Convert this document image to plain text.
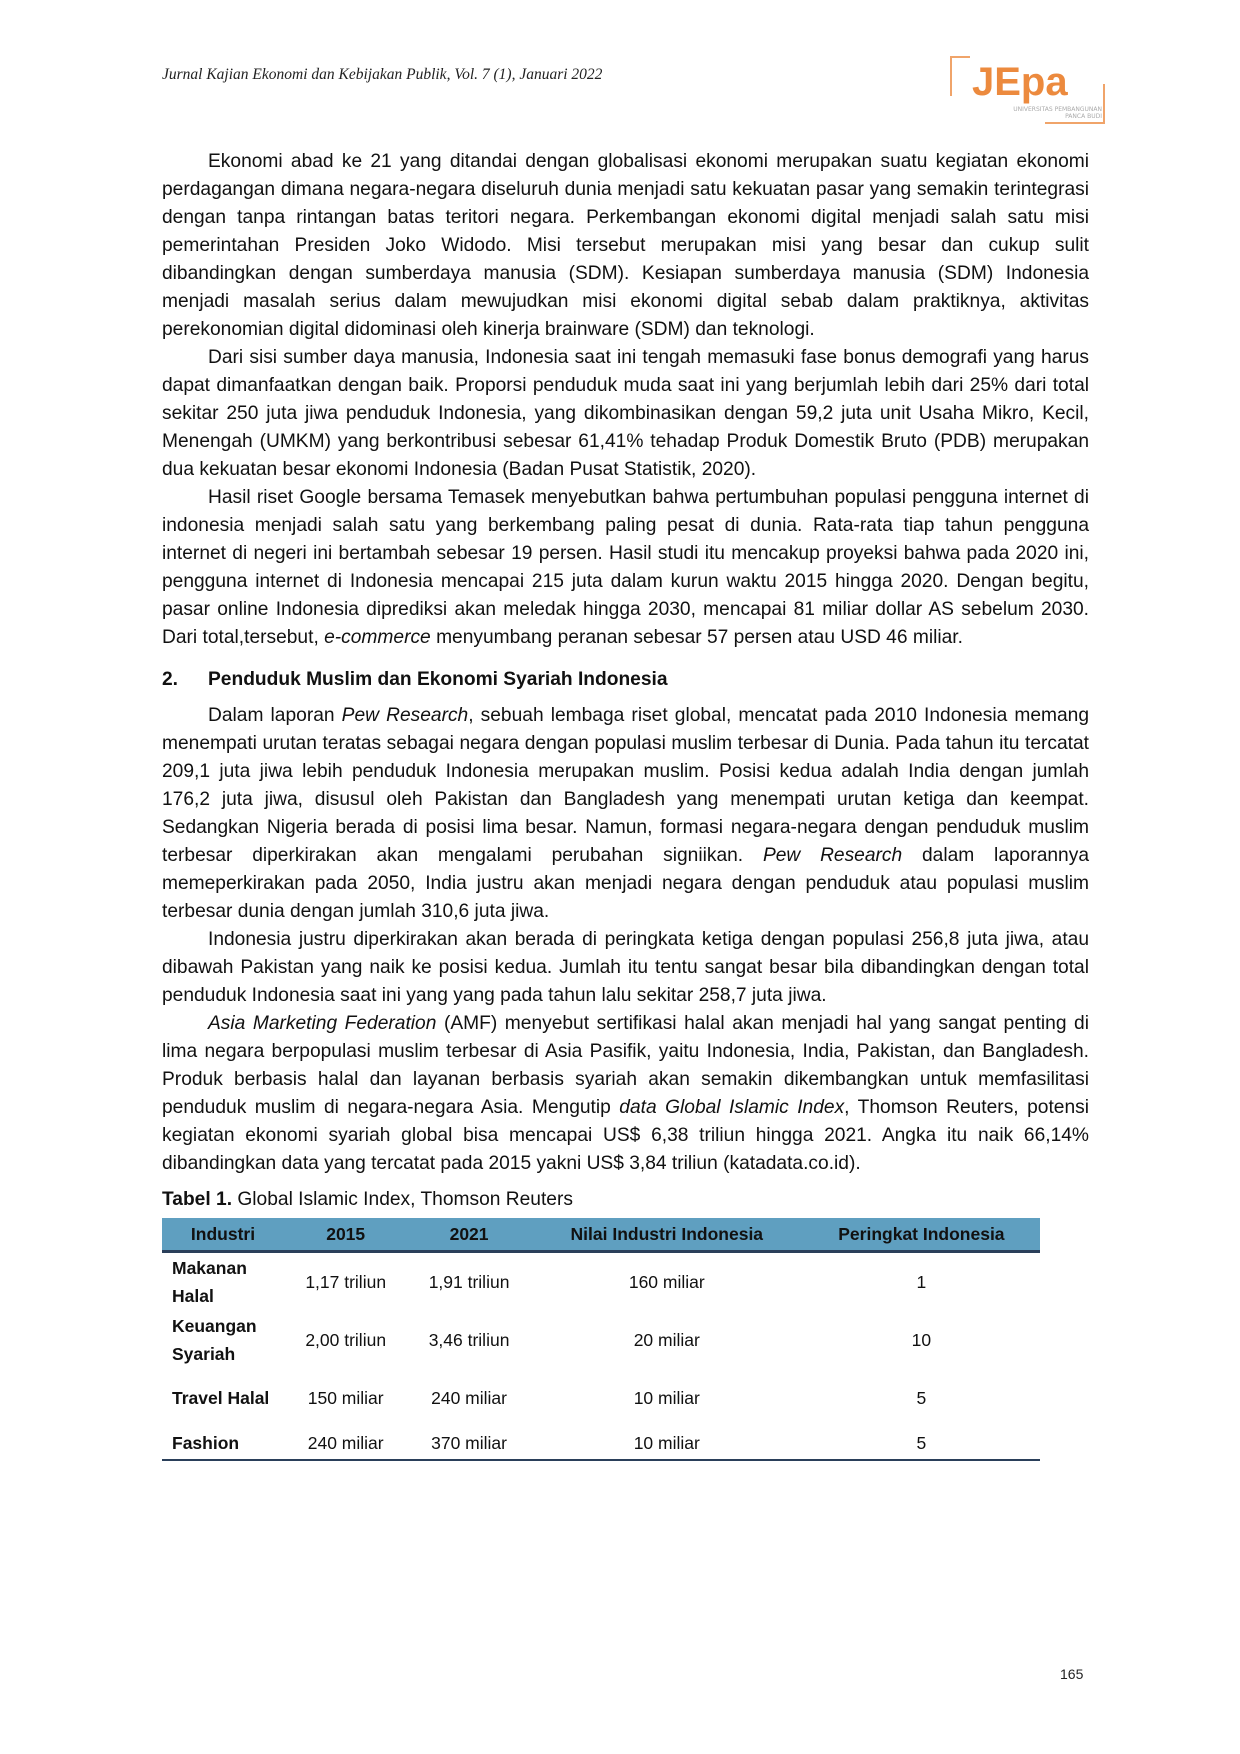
Jurnal Kajian Ekonomi dan Kebijakan Publik, Vol. 7 (1), Januari 2022	JEpa
UNIVERSITAS PEMBANGUNAN PANCA BUDI

Ekonomi abad ke 21 yang ditandai dengan globalisasi ekonomi merupakan suatu kegiatan ekonomi perdagangan dimana negara-negara diseluruh dunia menjadi satu kekuatan pasar yang semakin terintegrasi dengan tanpa rintangan batas teritori negara. Perkembangan ekonomi digital menjadi salah satu misi pemerintahan Presiden Joko Widodo. Misi tersebut merupakan misi yang besar dan cukup sulit dibandingkan dengan sumberdaya manusia (SDM). Kesiapan sumberdaya manusia (SDM) Indonesia menjadi masalah serius dalam mewujudkan misi ekonomi digital sebab dalam praktiknya, aktivitas perekonomian digital didominasi oleh kinerja brainware (SDM) dan teknologi.

Dari sisi sumber daya manusia, Indonesia saat ini tengah memasuki fase bonus demografi yang harus dapat dimanfaatkan dengan baik. Proporsi penduduk muda saat ini yang berjumlah lebih dari 25% dari total sekitar 250 juta jiwa penduduk Indonesia, yang dikombinasikan dengan 59,2 juta unit Usaha Mikro, Kecil, Menengah (UMKM) yang berkontribusi sebesar 61,41% tehadap Produk Domestik Bruto (PDB) merupakan dua kekuatan besar ekonomi Indonesia (Badan Pusat Statistik, 2020).

Hasil riset Google bersama Temasek menyebutkan bahwa pertumbuhan populasi pengguna internet di indonesia menjadi salah satu yang berkembang paling pesat di dunia. Rata-rata tiap tahun pengguna internet di negeri ini bertambah sebesar 19 persen. Hasil studi itu mencakup proyeksi bahwa pada 2020 ini, pengguna internet di Indonesia mencapai 215 juta dalam kurun waktu 2015 hingga 2020. Dengan begitu, pasar online Indonesia diprediksi akan meledak hingga 2030, mencapai 81 miliar dollar AS sebelum 2030. Dari total,tersebut, e-commerce menyumbang peranan sebesar 57 persen atau USD 46 miliar.

2. Penduduk Muslim dan Ekonomi Syariah Indonesia

Dalam laporan Pew Research, sebuah lembaga riset global, mencatat pada 2010 Indonesia memang menempati urutan teratas sebagai negara dengan populasi muslim terbesar di Dunia. Pada tahun itu tercatat 209,1 juta jiwa lebih penduduk Indonesia merupakan muslim. Posisi kedua adalah India dengan jumlah 176,2 juta jiwa, disusul oleh Pakistan dan Bangladesh yang menempati urutan ketiga dan keempat. Sedangkan Nigeria berada di posisi lima besar. Namun, formasi negara-negara dengan penduduk muslim terbesar diperkirakan akan mengalami perubahan signiikan. Pew Research dalam laporannya memeperkirakan pada 2050, India justru akan menjadi negara dengan penduduk atau populasi muslim terbesar dunia dengan jumlah 310,6 juta jiwa.

Indonesia justru diperkirakan akan berada di peringkata ketiga dengan populasi 256,8 juta jiwa, atau dibawah Pakistan yang naik ke posisi kedua. Jumlah itu tentu sangat besar bila dibandingkan dengan total penduduk Indonesia saat ini yang yang pada tahun lalu sekitar 258,7 juta jiwa.

Asia Marketing Federation (AMF) menyebut sertifikasi halal akan menjadi hal yang sangat penting di lima negara berpopulasi muslim terbesar di Asia Pasifik, yaitu Indonesia, India, Pakistan, dan Bangladesh. Produk berbasis halal dan layanan berbasis syariah akan semakin dikembangkan untuk memfasilitasi penduduk muslim di negara-negara Asia. Mengutip data Global Islamic Index, Thomson Reuters, potensi kegiatan ekonomi syariah global bisa mencapai US$ 6,38 triliun hingga 2021. Angka itu naik 66,14% dibandingkan data yang tercatat pada 2015 yakni US$ 3,84 triliun (katadata.co.id).

Tabel 1. Global Islamic Index, Thomson Reuters
Industri	2015	2021	Nilai Industri Indonesia	Peringkat Indonesia
Makanan Halal	1,17 triliun	1,91 triliun	160 miliar	1
Keuangan Syariah	2,00 triliun	3,46 triliun	20 miliar	10
Travel Halal	150 miliar	240 miliar	10 miliar	5
Fashion	240 miliar	370 miliar	10 miliar	5
165
